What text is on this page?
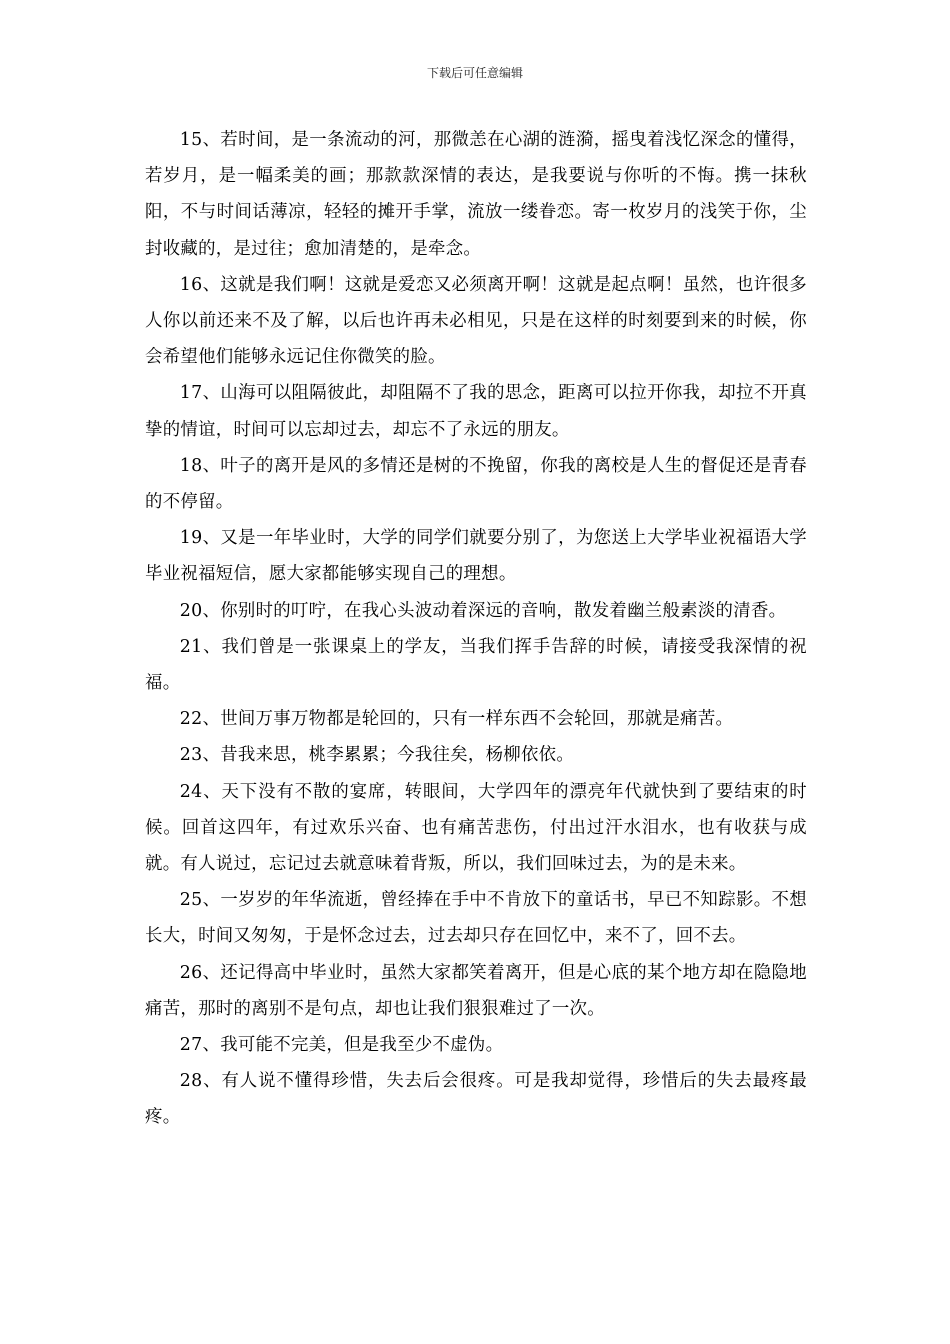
下载后可任意编辑

15、若时间，是一条流动的河，那微恙在心湖的涟漪，摇曳着浅忆深念的懂得，若岁月，是一幅柔美的画；那款款深情的表达，是我要说与你听的不悔。携一抹秋阳，不与时间话薄凉，轻轻的摊开手掌，流放一缕眷恋。寄一枚岁月的浅笑于你，尘封收藏的，是过往；愈加清楚的，是牵念。

16、这就是我们啊！这就是爱恋又必须离开啊！这就是起点啊！虽然，也许很多人你以前还来不及了解，以后也许再未必相见，只是在这样的时刻要到来的时候，你会希望他们能够永远记住你微笑的脸。

17、山海可以阻隔彼此，却阻隔不了我的思念，距离可以拉开你我，却拉不开真挚的情谊，时间可以忘却过去，却忘不了永远的朋友。

18、叶子的离开是风的多情还是树的不挽留，你我的离校是人生的督促还是青春的不停留。

19、又是一年毕业时，大学的同学们就要分别了，为您送上大学毕业祝福语大学毕业祝福短信，愿大家都能够实现自己的理想。

20、你别时的叮咛，在我心头波动着深远的音响，散发着幽兰般素淡的清香。

21、我们曾是一张课桌上的学友，当我们挥手告辞的时候，请接受我深情的祝福。

22、世间万事万物都是轮回的，只有一样东西不会轮回，那就是痛苦。

23、昔我来思，桃李累累；今我往矣，杨柳依依。

24、天下没有不散的宴席，转眼间，大学四年的漂亮年代就快到了要结束的时候。回首这四年，有过欢乐兴奋、也有痛苦悲伤，付出过汗水泪水，也有收获与成就。有人说过，忘记过去就意味着背叛，所以，我们回味过去，为的是未来。

25、一岁岁的年华流逝，曾经捧在手中不肯放下的童话书，早已不知踪影。不想长大，时间又匆匆，于是怀念过去，过去却只存在回忆中，来不了，回不去。

26、还记得高中毕业时，虽然大家都笑着离开，但是心底的某个地方却在隐隐地痛苦，那时的离别不是句点，却也让我们狠狠难过了一次。

27、我可能不完美，但是我至少不虚伪。

28、有人说不懂得珍惜，失去后会很疼。可是我却觉得，珍惜后的失去最疼最疼。
